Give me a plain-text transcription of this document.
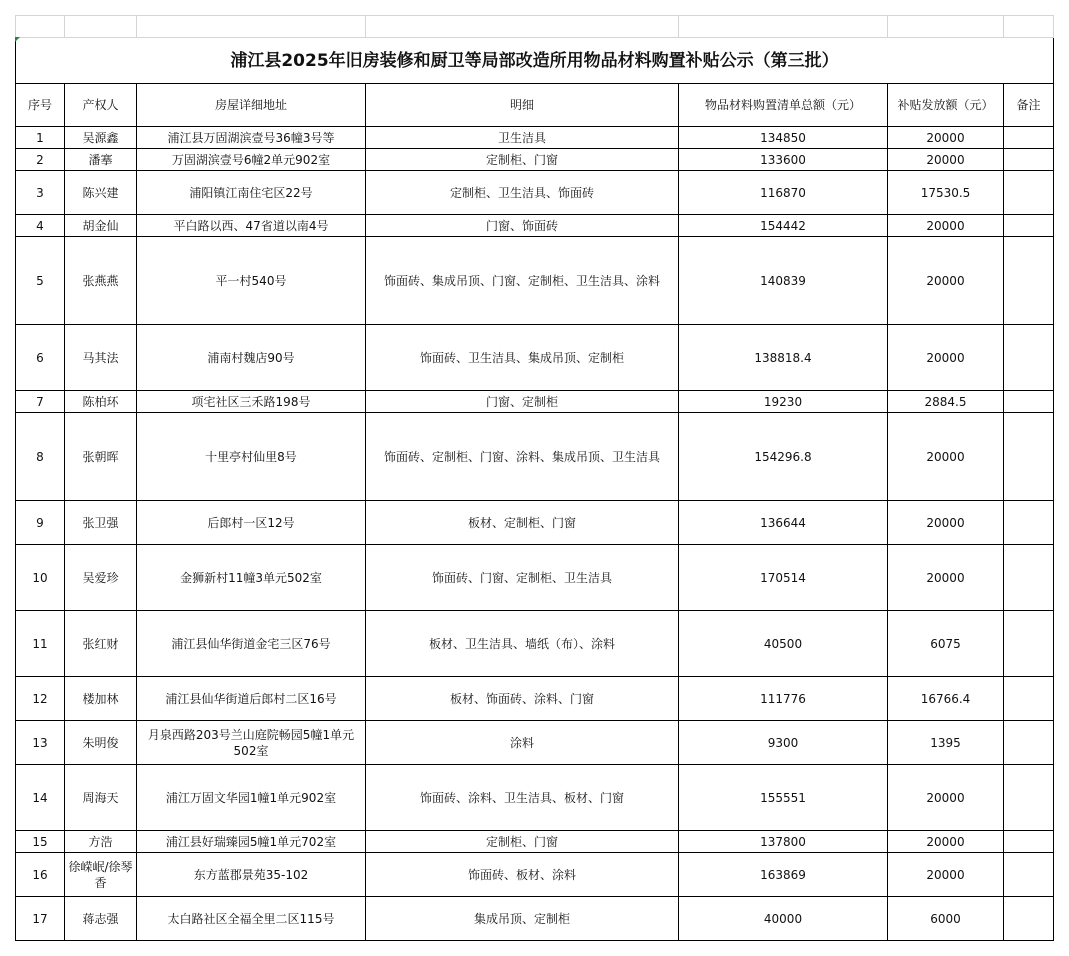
浦江县2025年旧房装修和厨卫等局部改造所用物品材料购置补贴公示（第三批）						
序号	产权人	房屋详细地址	明细	物品材料购置清单总额（元）	补贴发放额（元）	备注
1	吴源鑫	浦江县万固湖滨壹号36幢3号等	卫生洁具	134850	20000	
2	潘搴	万固湖滨壹号6幢2单元902室	定制柜、门窗	133600	20000	
3	陈兴建	浦阳镇江南住宅区22号	定制柜、卫生洁具、饰面砖	116870	17530.5	
4	胡金仙	平白路以西、47省道以南4号	门窗、饰面砖	154442	20000	
5	张燕燕	平一村540号	饰面砖、集成吊顶、门窗、定制柜、卫生洁具、涂料	140839	20000	
6	马其法	浦南村魏店90号	饰面砖、卫生洁具、集成吊顶、定制柜	138818.4	20000	
7	陈柏环	项宅社区三禾路198号	门窗、定制柜	19230	2884.5	
8	张朝晖	十里亭村仙里8号	饰面砖、定制柜、门窗、涂料、集成吊顶、卫生洁具	154296.8	20000	
9	张卫强	后郎村一区12号	板材、定制柜、门窗	136644	20000	
10	吴爱珍	金狮新村11幢3单元502室	饰面砖、门窗、定制柜、卫生洁具	170514	20000	
11	张红财	浦江县仙华街道金宅三区76号	板材、卫生洁具、墙纸（布）、涂料	40500	6075	
12	楼加林	浦江县仙华街道后郎村二区16号	板材、饰面砖、涂料、门窗	111776	16766.4	
13	朱明俊	月泉西路203号兰山庭院畅园5幢1单元502室	涂料	9300	1395	
14	周海天	浦江万固文华园1幢1单元902室	饰面砖、涂料、卫生洁具、板材、门窗	155551	20000	
15	方浩	浦江县好瑞臻园5幢1单元702室	定制柜、门窗	137800	20000	
16	徐嵘岷/徐琴香	东方蓝郡景苑35-102	饰面砖、板材、涂料	163869	20000	
17	蒋志强	太白路社区全福全里二区115号	集成吊顶、定制柜	40000	6000	
